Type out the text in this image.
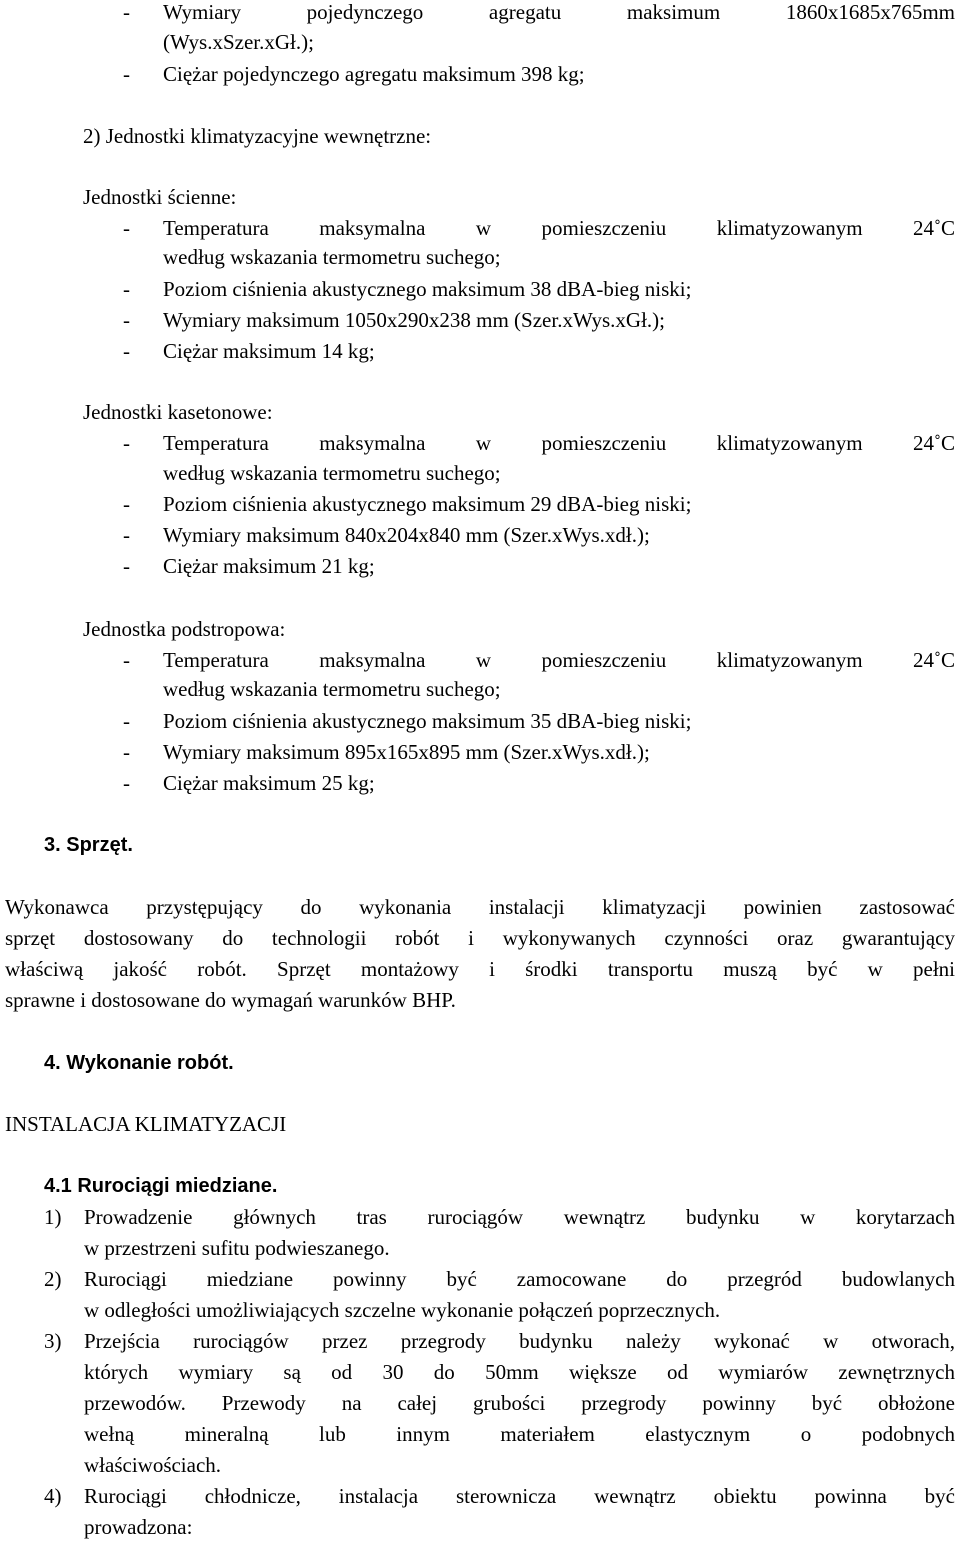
- Wymiary pojedynczego agregatu maksimum 1860x1685x765mm
(Wys.xSzer.xGł.);
- Ciężar pojedynczego agregatu maksimum 398 kg;
2) Jednostki klimatyzacyjne wewnętrzne:
Jednostki ścienne:
- Temperatura maksymalna w pomieszczeniu klimatyzowanym 24˚C
według wskazania termometru suchego;
- Poziom ciśnienia akustycznego maksimum 38 dBA-bieg niski;
- Wymiary maksimum 1050x290x238 mm (Szer.xWys.xGł.);
- Ciężar maksimum 14 kg;
Jednostki kasetonowe:
- Temperatura maksymalna w pomieszczeniu klimatyzowanym 24˚C
według wskazania termometru suchego;
- Poziom ciśnienia akustycznego maksimum 29 dBA-bieg niski;
- Wymiary maksimum 840x204x840 mm (Szer.xWys.xdł.);
- Ciężar maksimum 21 kg;
Jednostka podstropowa:
- Temperatura maksymalna w pomieszczeniu klimatyzowanym 24˚C
według wskazania termometru suchego;
- Poziom ciśnienia akustycznego maksimum 35 dBA-bieg niski;
- Wymiary maksimum 895x165x895 mm (Szer.xWys.xdł.);
- Ciężar maksimum 25 kg;
3. Sprzęt.
Wykonawca przystępujący do wykonania instalacji klimatyzacji powinien zastosować
sprzęt dostosowany do technologii robót i wykonywanych czynności oraz gwarantujący
właściwą jakość robót. Sprzęt montażowy i środki transportu muszą być w pełni
sprawne i dostosowane do wymagań warunków BHP.
4. Wykonanie robót.
INSTALACJA KLIMATYZACJI
4.1 Rurociągi miedziane.
1) Prowadzenie głównych tras rurociągów wewnątrz budynku w korytarzach
w przestrzeni sufitu podwieszanego.
2) Rurociągi miedziane powinny być zamocowane do przegród budowlanych
w odległości umożliwiających szczelne wykonanie połączeń poprzecznych.
3) Przejścia rurociągów przez przegrody budynku należy wykonać w otworach,
których wymiary są od 30 do 50mm większe od wymiarów zewnętrznych
przewodów. Przewody na całej grubości przegrody powinny być obłożone
wełną mineralną lub innym materiałem elastycznym o podobnych
właściwościach.
4) Rurociągi chłodnicze, instalacja sterownicza wewnątrz obiektu powinna być
prowadzona:
